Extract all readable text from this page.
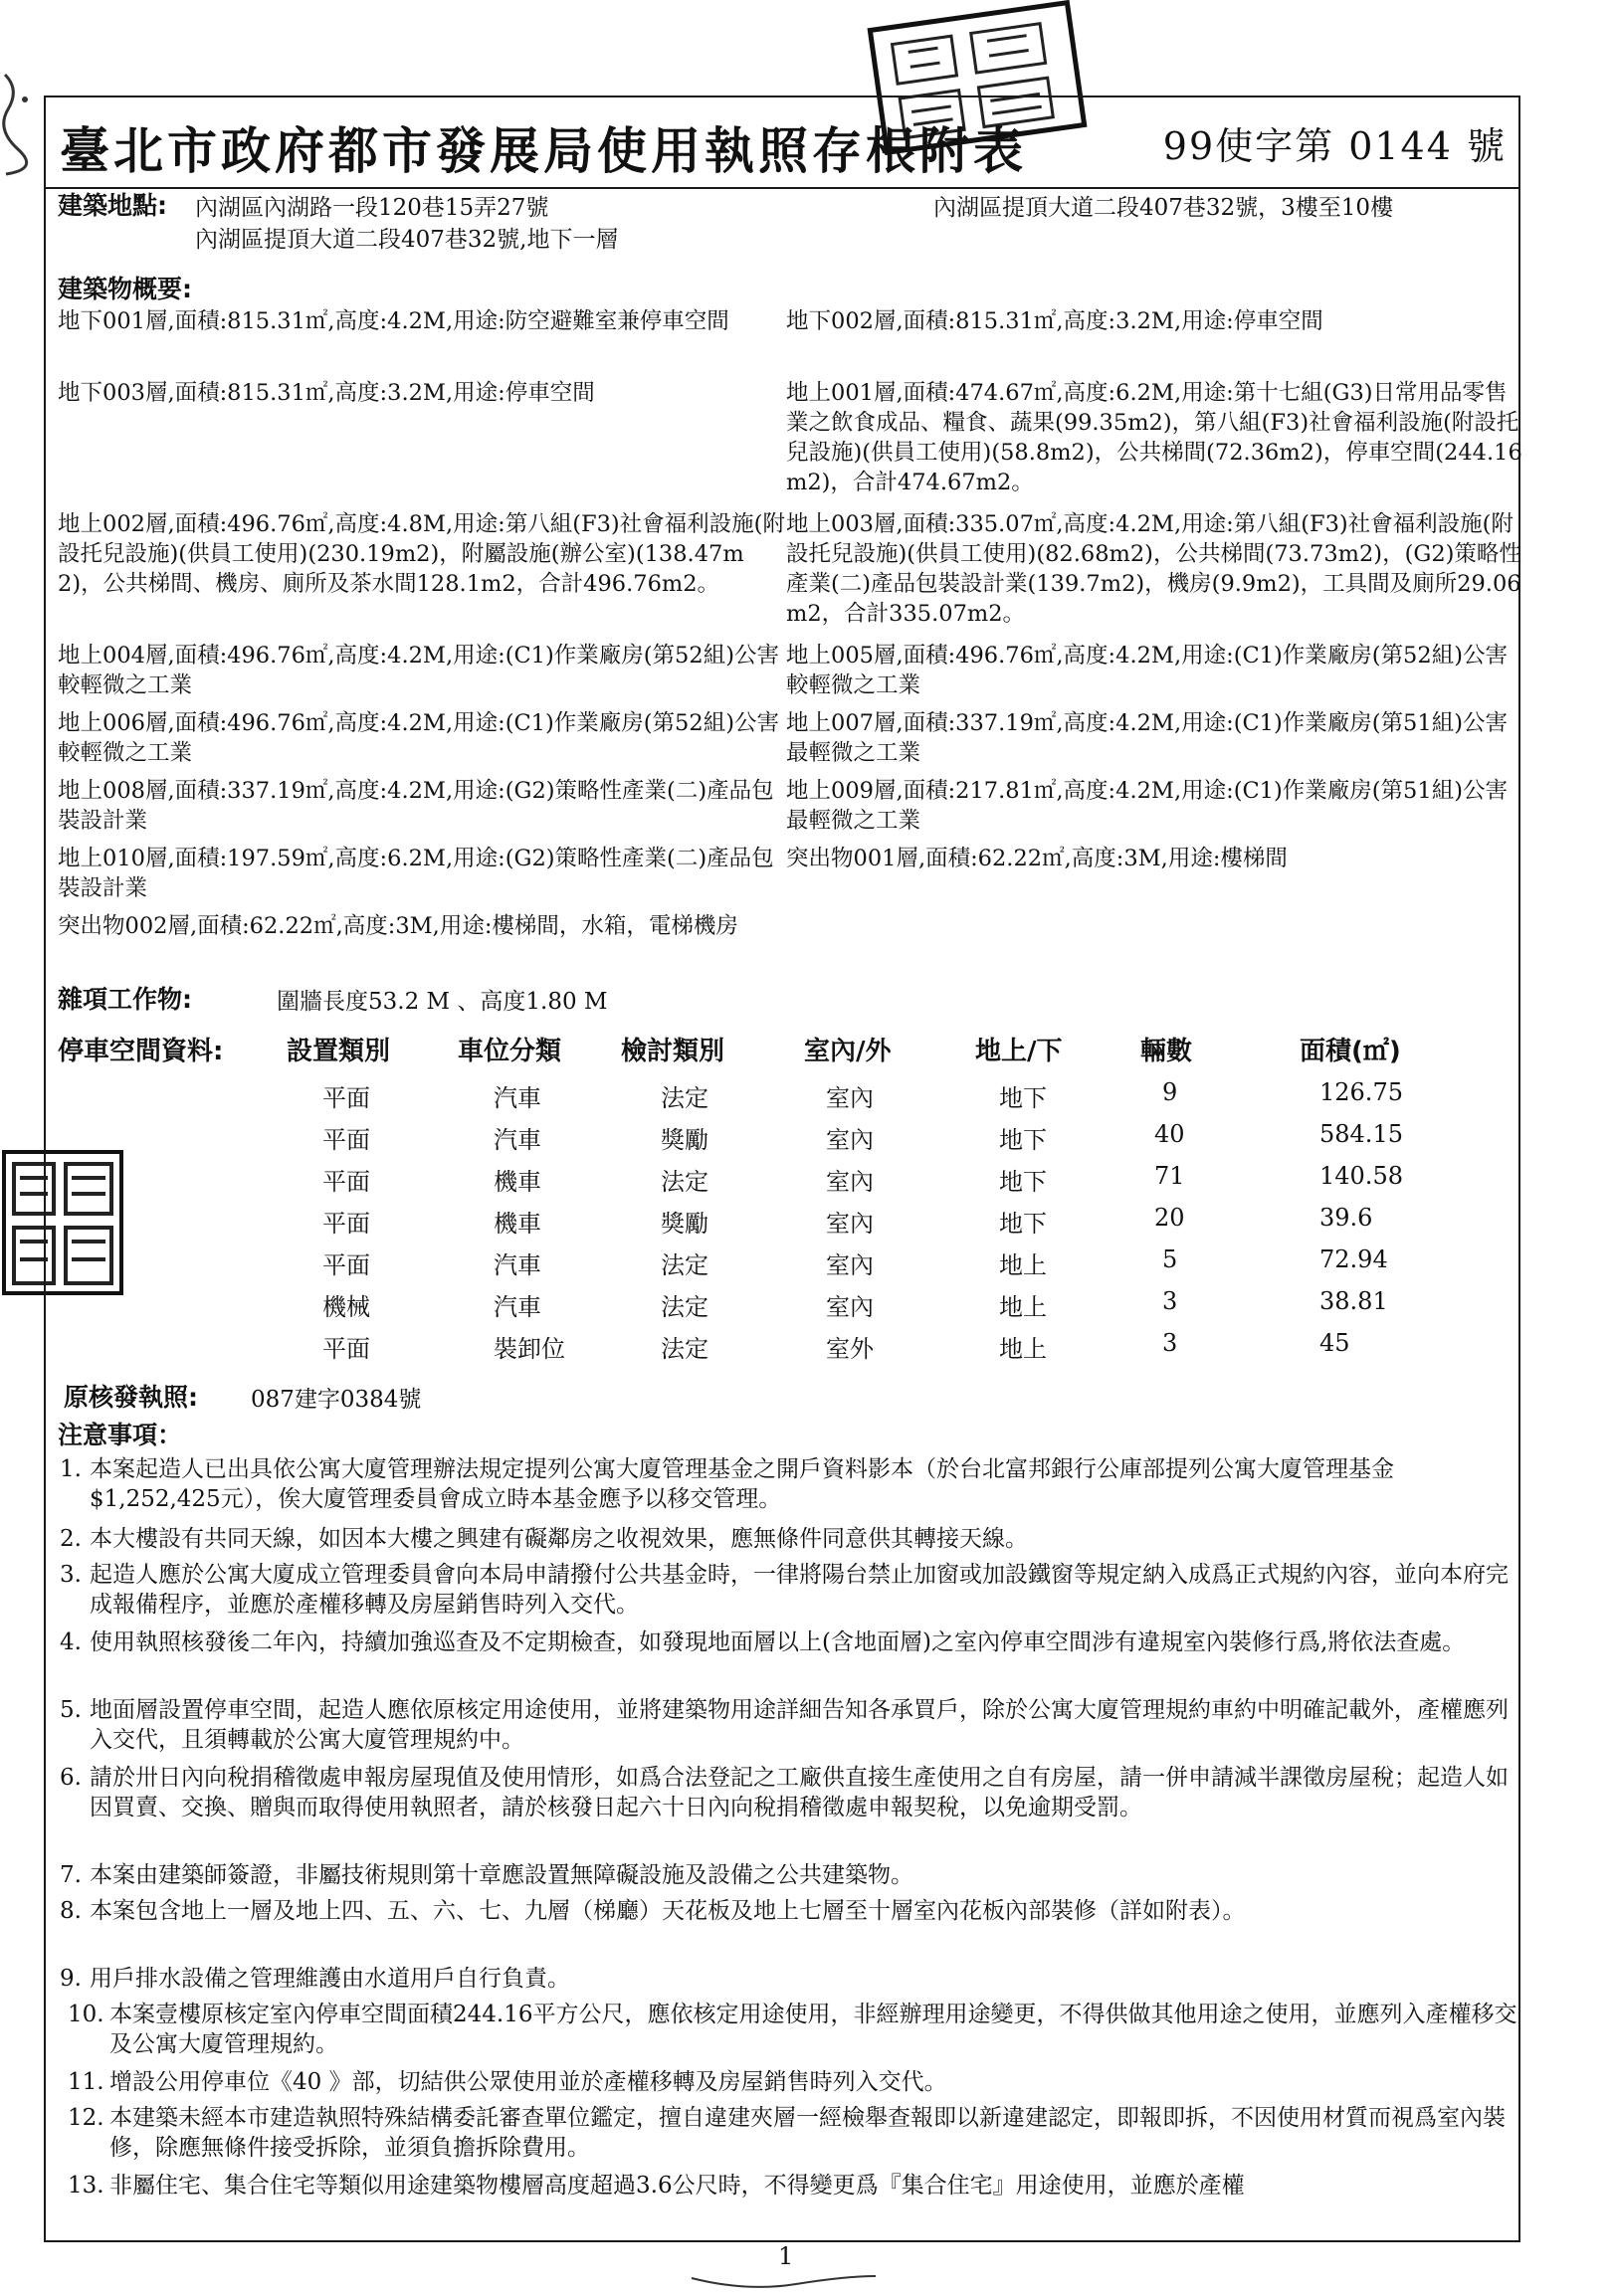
臺北市政府都市發展局使用執照存根附表	99使字第 0144 號
建築地點: 內湖區內湖路一段120巷15弄27號
內湖區提頂大道二段407巷32號,地下一層
內湖區提頂大道二段407巷32號，3樓至10樓
建築物概要:
地下001層,面積:815.31㎡,高度:4.2M,用途:防空避難室兼停車空間	地下002層,面積:815.31㎡,高度:3.2M,用途:停車空間
地下003層,面積:815.31㎡,高度:3.2M,用途:停車空間	地上001層,面積:474.67㎡,高度:6.2M,用途:第十七組(G3)日常用品零售業之飲食成品、糧食、蔬果(99.35m2)，第八組(F3)社會福利設施(附設托兒設施)(供員工使用)(58.8m2)，公共梯間(72.36m2)，停車空間(244.16m2)，合計474.67m2。
地上002層,面積:496.76㎡,高度:4.8M,用途:第八組(F3)社會福利設施(附設托兒設施)(供員工使用)(230.19m2)，附屬設施(辦公室)(138.47m2)，公共梯間、機房、廁所及茶水間128.1m2，合計496.76m2。
地上003層,面積:335.07㎡,高度:4.2M,用途:第八組(F3)社會福利設施(附設托兒設施)(供員工使用)(82.68m2)，公共梯間(73.73m2)，(G2)策略性產業(二)產品包裝設計業(139.7m2)，機房(9.9m2)，工具間及廁所29.06m2，合計335.07m2。
地上004層,面積:496.76㎡,高度:4.2M,用途:(C1)作業廠房(第52組)公害較輕微之工業
地上005層,面積:496.76㎡,高度:4.2M,用途:(C1)作業廠房(第52組)公害較輕微之工業
地上006層,面積:496.76㎡,高度:4.2M,用途:(C1)作業廠房(第52組)公害較輕微之工業
地上007層,面積:337.19㎡,高度:4.2M,用途:(C1)作業廠房(第51組)公害最輕微之工業
地上008層,面積:337.19㎡,高度:4.2M,用途:(G2)策略性產業(二)產品包裝設計業
地上009層,面積:217.81㎡,高度:4.2M,用途:(C1)作業廠房(第51組)公害最輕微之工業
地上010層,面積:197.59㎡,高度:6.2M,用途:(G2)策略性產業(二)產品包裝設計業
突出物001層,面積:62.22㎡,高度:3M,用途:樓梯間
突出物002層,面積:62.22㎡,高度:3M,用途:樓梯間，水箱，電梯機房
雜項工作物:	圍牆長度53.2 M 、高度1.80 M
停車空間資料: 設置類別	車位分類 檢討類別	室內/外	地上/下	輛數	面積(㎡)
平面	汽車	法定	室內	地下	9	126.75
平面	汽車	獎勵	室內	地下	40	584.15
平面	機車	法定	室內	地下	71	140.58
平面	機車	獎勵	室內	地下	20	39.6
平面	汽車	法定	室內	地上	5	72.94
機械	汽車	法定	室內	地上	3	38.81
平面	裝卸位	法定	室外	地上	3	45
原核發執照: 087建字0384號
注意事項：
1. 本案起造人已出具依公寓大廈管理辦法規定提列公寓大廈管理基金之開戶資料影本（於台北富邦銀行公庫部提列公寓大廈管理基金$1,252,425元），俟大廈管理委員會成立時本基金應予以移交管理。
2. 本大樓設有共同天線，如因本大樓之興建有礙鄰房之收視效果，應無條件同意供其轉接天線。
3. 起造人應於公寓大廈成立管理委員會向本局申請撥付公共基金時，一律將陽台禁止加窗或加設鐵窗等規定納入成爲正式規約內容，並向本府完成報備程序，並應於產權移轉及房屋銷售時列入交代。
4. 使用執照核發後二年內，持續加強巡查及不定期檢查，如發現地面層以上(含地面層)之室內停車空間涉有違規室內裝修行爲,將依法查處。
5. 地面層設置停車空間，起造人應依原核定用途使用，並將建築物用途詳細告知各承買戶，除於公寓大廈管理規約車約中明確記載外，產權應列入交代，且須轉載於公寓大廈管理規約中。
6. 請於卅日內向稅捐稽徵處申報房屋現值及使用情形，如爲合法登記之工廠供直接生產使用之自有房屋，請一併申請減半課徵房屋稅；起造人如因買賣、交換、贈與而取得使用執照者，請於核發日起六十日內向稅捐稽徵處申報契稅，以免逾期受罰。
7. 本案由建築師簽證，非屬技術規則第十章應設置無障礙設施及設備之公共建築物。
8. 本案包含地上一層及地上四、五、六、七、九層（梯廳）天花板及地上七層至十層室內花板內部裝修（詳如附表）。
9. 用戶排水設備之管理維護由水道用戶自行負責。
10. 本案壹樓原核定室內停車空間面積244.16平方公尺，應依核定用途使用，非經辦理用途變更，不得供做其他用途之使用，並應列入產權移交及公寓大廈管理規約。
11. 增設公用停車位《40 》部，切結供公眾使用並於產權移轉及房屋銷售時列入交代。
12. 本建築未經本市建造執照特殊結構委託審查單位鑑定，擅自違建夾層一經檢舉查報即以新違建認定，即報即拆，不因使用材質而視爲室內裝修，除應無條件接受拆除，並須負擔拆除費用。
13. 非屬住宅、集合住宅等類似用途建築物樓層高度超過3.6公尺時，不得變更爲『集合住宅』用途使用，並應於產權
1
